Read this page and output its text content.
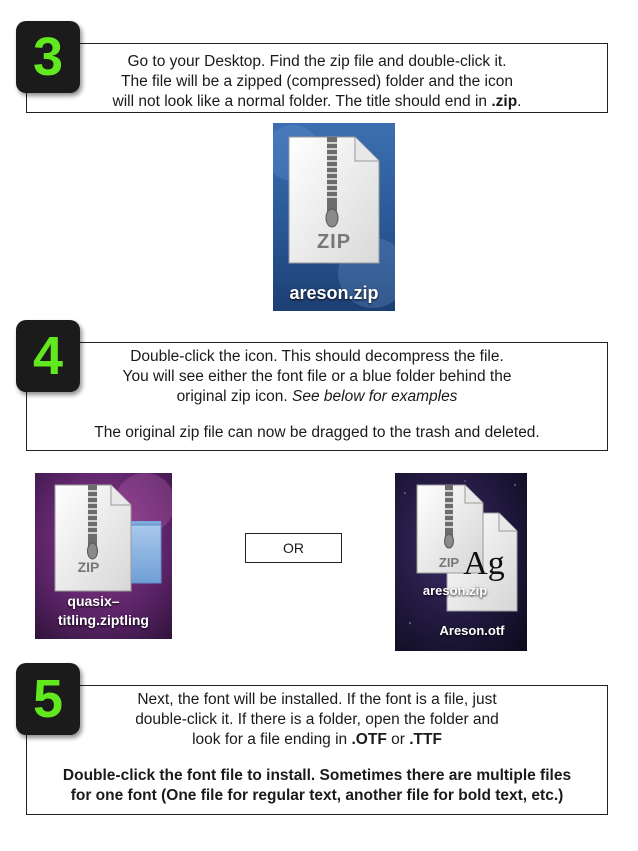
3	Go to your Desktop. Find the zip file and double-click it.
The file will be a zipped (compressed) folder and the icon
will not look like a normal folder. The title should end in .zip.
ZIP
areson.zip
4	Double-click the icon. This should decompress the file.
You will see either the font file or a blue folder behind the
original zip icon. See below for examples
The original zip file can now be dragged to the trash and deleted.
ZIP
quasix–
titling.ziptling
OR	Ag
ZIP
areson.zip
Areson.otf
5	Next, the font will be installed. If the font is a file, just
double-click it. If there is a folder, open the folder and
look for a file ending in .OTF or .TTF
Double-click the font file to install. Sometimes there are multiple files
for one font (One file for regular text, another file for bold text, etc.)
